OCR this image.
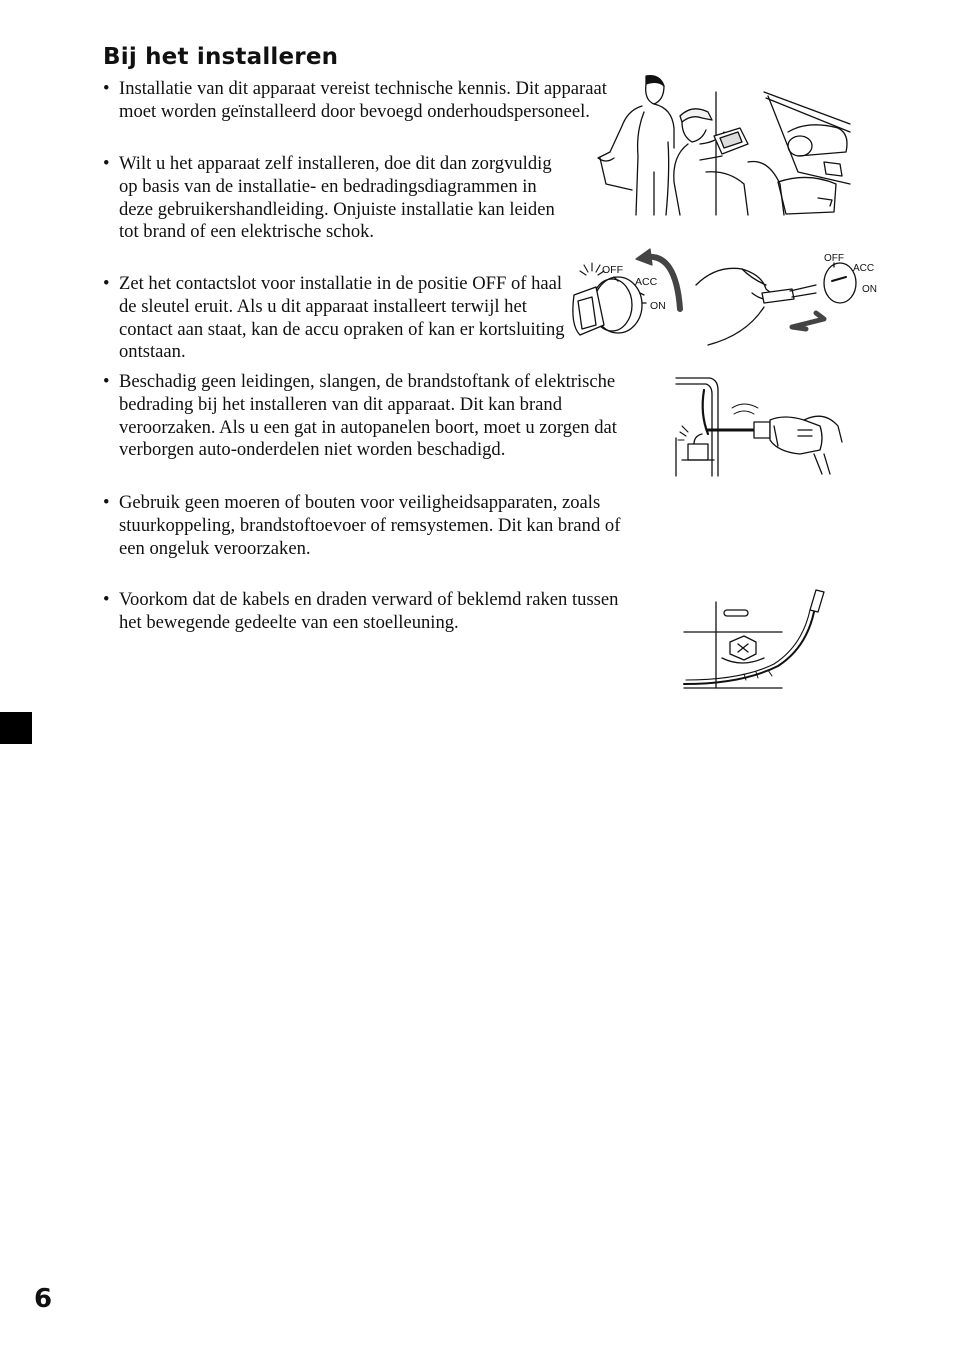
Bij het installeren

• Installatie van dit apparaat vereist technische kennis. Dit apparaat moet worden geïnstalleerd door bevoegd onderhoudspersoneel.

• Wilt u het apparaat zelf installeren, doe dit dan zorgvuldig op basis van de installatie- en bedradingsdiagrammen in deze gebruikershandleiding. Onjuiste installatie kan leiden tot brand of een elektrische schok.

• Zet het contactslot voor installatie in de positie OFF of haal de sleutel eruit. Als u dit apparaat installeert terwijl het contact aan staat, kan de accu opraken of kan er kortsluiting ontstaan.

• Beschadig geen leidingen, slangen, de brandstoftank of elektrische bedrading bij het installeren van dit apparaat. Dit kan brand veroorzaken. Als u een gat in autopanelen boort, moet u zorgen dat verborgen auto-onderdelen niet worden beschadigd.

• Gebruik geen moeren of bouten voor veiligheidsapparaten, zoals stuurkoppeling, brandstoftoevoer of remsystemen. Dit kan brand of een ongeluk veroorzaken.

• Voorkom dat de kabels en draden verward of beklemd raken tussen het bewegende gedeelte van een stoelleuning.

OFF
ACC
ON
OFF
ACC
ON

6
